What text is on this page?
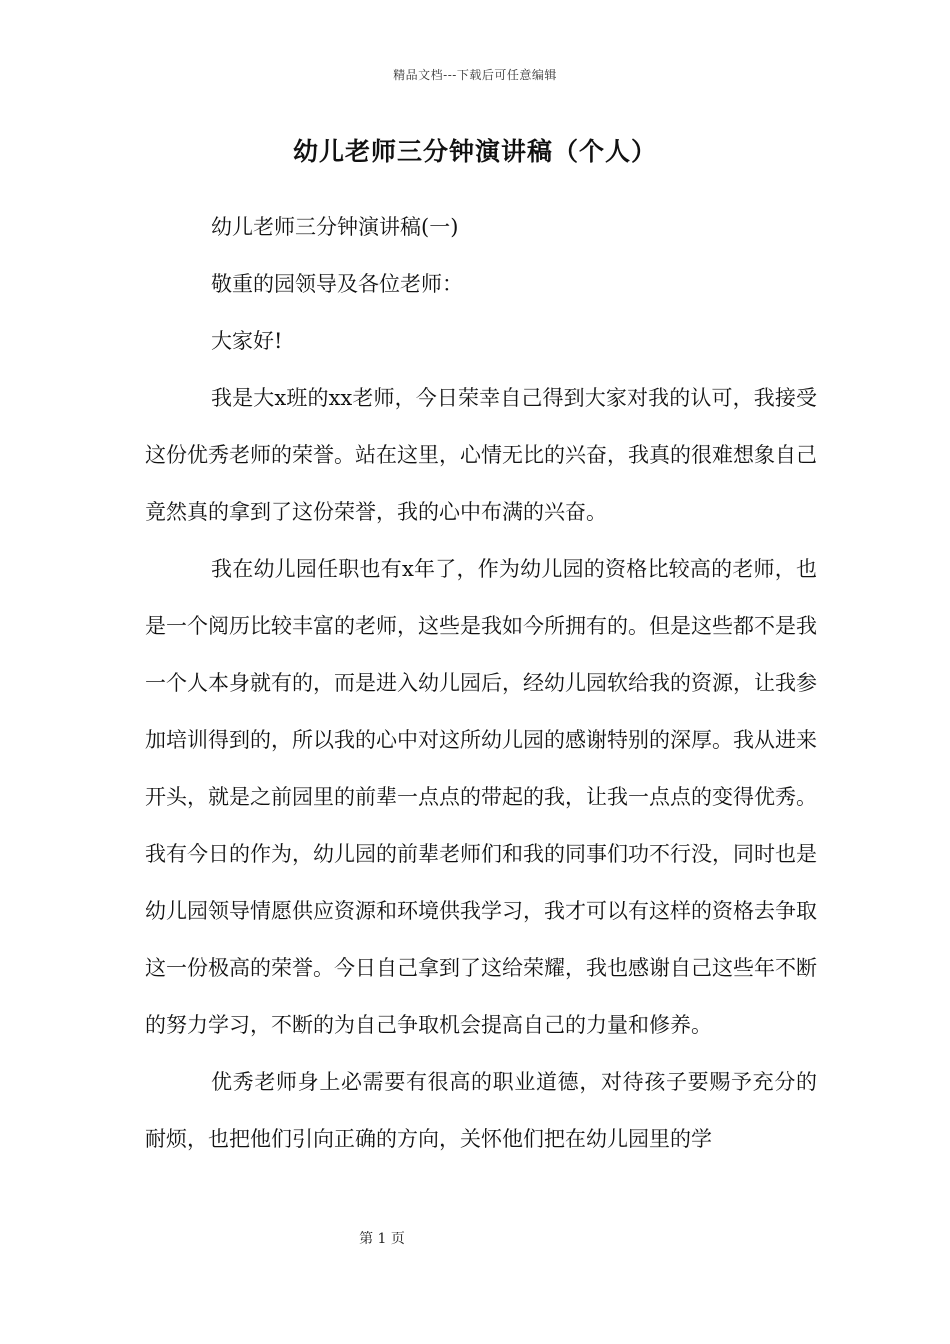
精品文档---下载后可任意编辑
幼儿老师三分钟演讲稿（个人）

幼儿老师三分钟演讲稿(一)

敬重的园领导及各位老师：

大家好!

我是大x班的xx老师，今日荣幸自己得到大家对我的认可，我接受这份优秀老师的荣誉。站在这里，心情无比的兴奋，我真的很难想象自己竟然真的拿到了这份荣誉，我的心中布满的兴奋。

我在幼儿园任职也有x年了，作为幼儿园的资格比较高的老师，也是一个阅历比较丰富的老师，这些是我如今所拥有的。但是这些都不是我一个人本身就有的，而是进入幼儿园后，经幼儿园软给我的资源，让我参加培训得到的，所以我的心中对这所幼儿园的感谢特别的深厚。我从进来开头，就是之前园里的前辈一点点的带起的我，让我一点点的变得优秀。我有今日的作为，幼儿园的前辈老师们和我的同事们功不行没，同时也是幼儿园领导情愿供应资源和环境供我学习，我才可以有这样的资格去争取这一份极高的荣誉。今日自己拿到了这给荣耀，我也感谢自己这些年不断的努力学习，不断的为自己争取机会提高自己的力量和修养。

优秀老师身上必需要有很高的职业道德，对待孩子要赐予充分的耐烦，也把他们引向正确的方向，关怀他们把在幼儿园里的学

第 1 页
